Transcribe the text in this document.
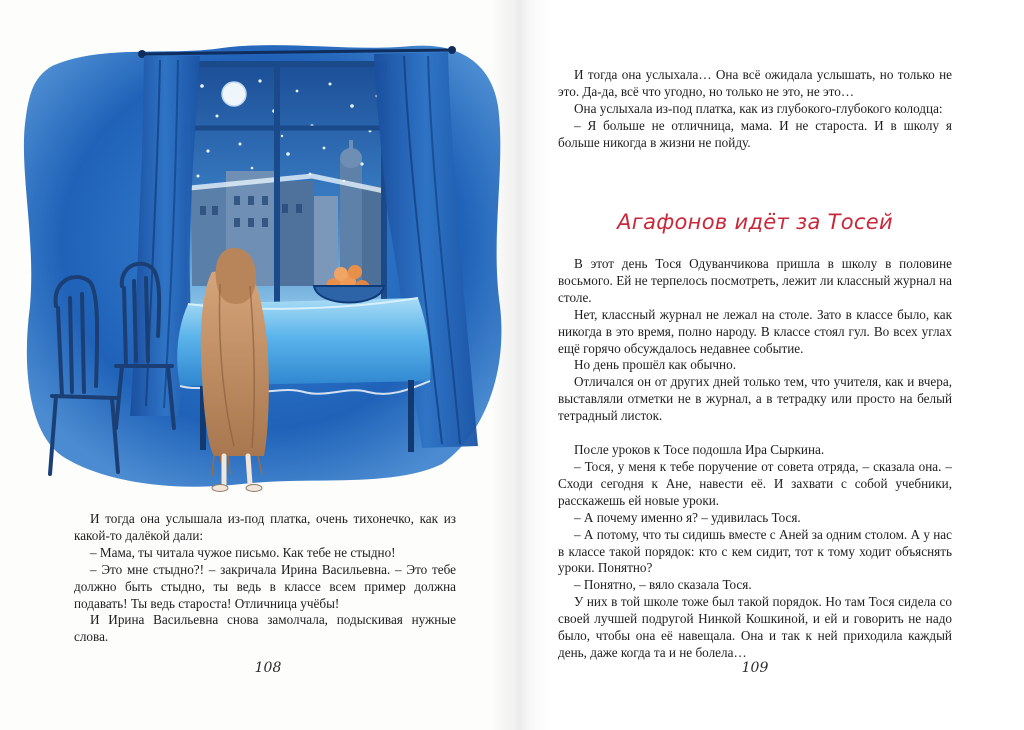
И тогда она услышала из-под платка, очень тихонечко, как из какой-то далёкой дали:

– Мама, ты читала чужое письмо. Как тебе не стыдно!

– Это мне стыдно?! – закричала Ирина Васильевна. – Это тебе должно быть стыдно, ты ведь в классе всем пример должна подавать! Ты ведь староста! Отличница учёбы!

И Ирина Васильевна снова замолчала, подыскивая нужные слова.

108

И тогда она услыхала… Она всё ожидала услышать, но только не это. Да-да, всё что угодно, но только не это, не это…

Она услыхала из-под платка, как из глубокого-глубокого колодца:

– Я больше не отличница, мама. И не староста. И в школу я больше никогда в жизни не пойду.

Агафонов идёт за Тосей

В этот день Тося Одуванчикова пришла в школу в половине восьмого. Ей не терпелось посмотреть, лежит ли классный журнал на столе.

Нет, классный журнал не лежал на столе. Зато в классе было, как никогда в это время, полно народу. В классе стоял гул. Во всех углах ещё горячо обсуждалось недавнее событие.

Но день прошёл как обычно.

Отличался он от других дней только тем, что учителя, как и вчера, выставляли отметки не в журнал, а в тетрадку или просто на белый тетрадный листок.

После уроков к Тосе подошла Ира Сыркина.

– Тося, у меня к тебе поручение от совета отряда, – сказала она. – Сходи сегодня к Ане, навести её. И захвати с собой учебники, расскажешь ей новые уроки.

– А почему именно я? – удивилась Тося.

– А потому, что ты сидишь вместе с Аней за одним столом. А у нас в классе такой порядок: кто с кем сидит, тот к тому ходит объяснять уроки. Понятно?

– Понятно, – вяло сказала Тося.

У них в той школе тоже был такой порядок. Но там Тося сидела со своей лучшей подругой Нинкой Кошкиной, и ей и говорить не надо было, чтобы она её навещала. Она и так к ней приходила каждый день, даже когда та и не болела…

109
